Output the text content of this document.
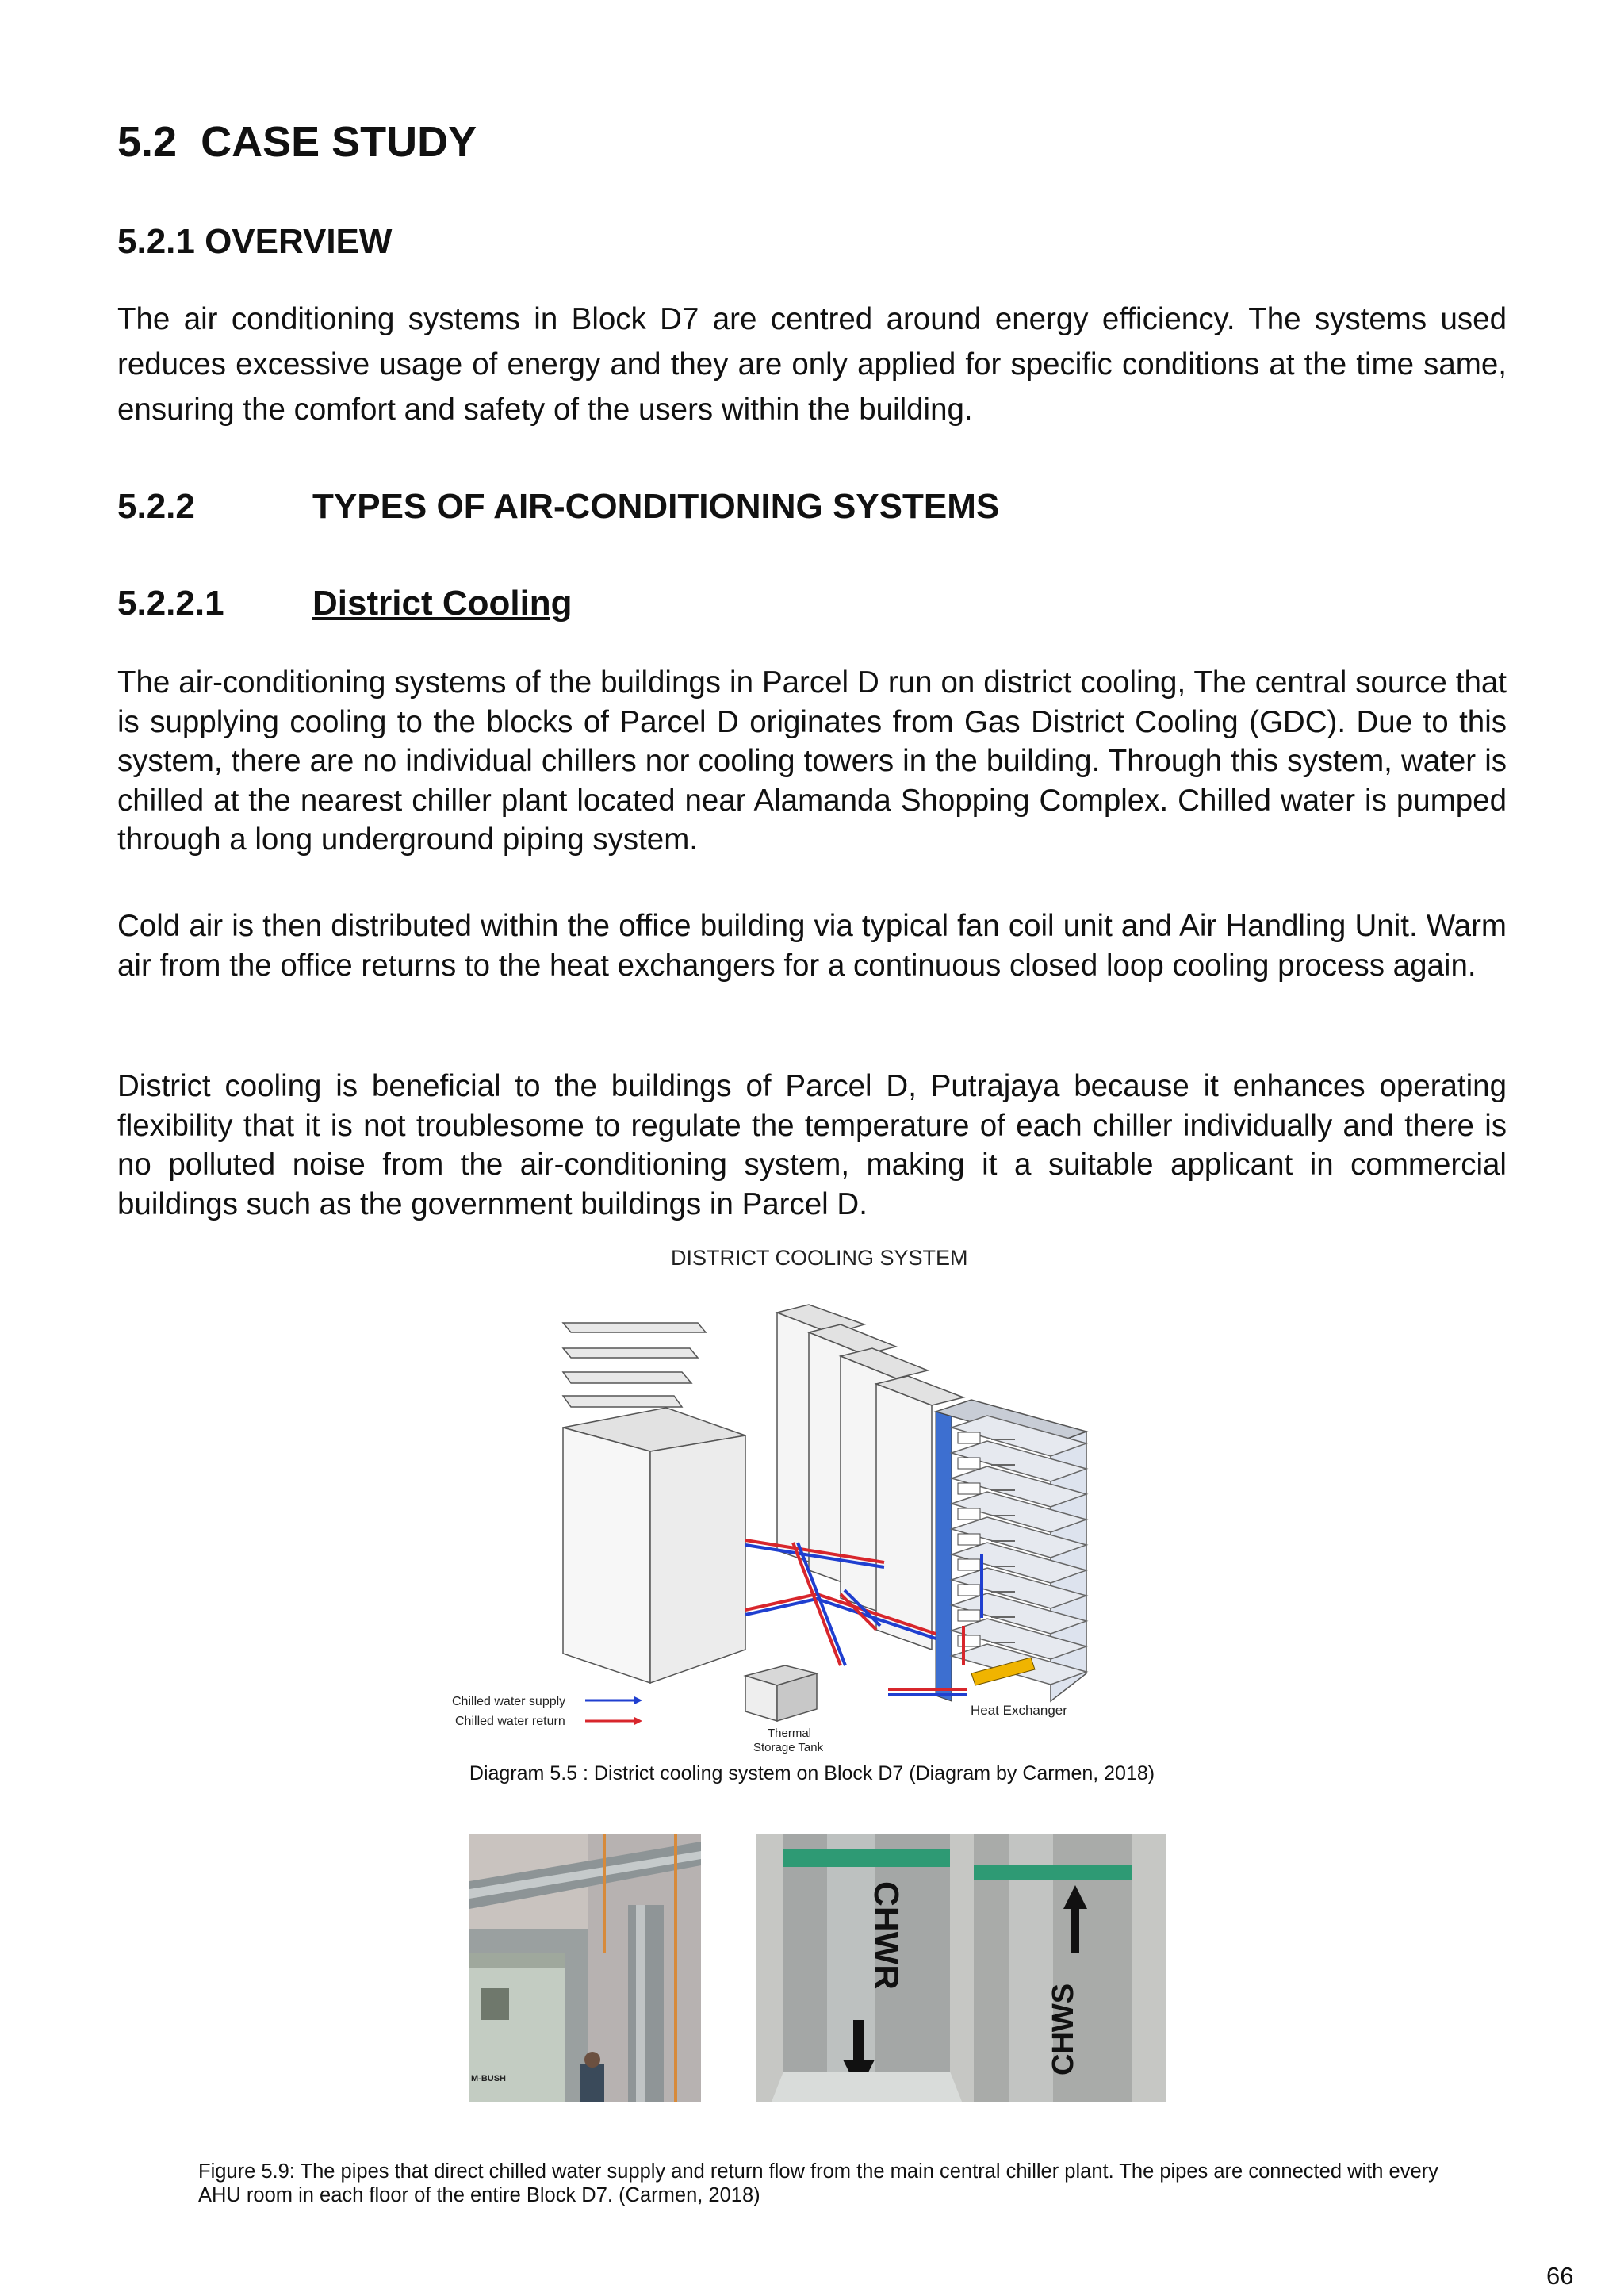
5.2 CASE STUDY
5.2.1 OVERVIEW

The air conditioning systems in Block D7 are centred around energy efficiency. The systems used reduces excessive usage of energy and they are only applied for specific conditions at the time same, ensuring the comfort and safety of the users within the building.

5.2.2	TYPES OF AIR-CONDITIONING SYSTEMS
5.2.2.1	District Cooling

The air-conditioning systems of the buildings in Parcel D run on district cooling, The central source that is supplying cooling to the blocks of Parcel D originates from Gas District Cooling (GDC). Due to this system, there are no individual chillers nor cooling towers in the building. Through this system, water is chilled at the nearest chiller plant located near Alamanda Shopping Complex. Chilled water is pumped through a long underground piping system.

Cold air is then distributed within the office building via typical fan coil unit and Air Handling Unit. Warm air from the office returns to the heat exchangers for a continuous closed loop cooling process again.

District cooling is beneficial to the buildings of Parcel D, Putrajaya because it enhances operating flexibility that it is not troublesome to regulate the temperature of each chiller individually and there is no polluted noise from the air-conditioning system, making it a suitable applicant in commercial buildings such as the government buildings in Parcel D.

DISTRICT COOLING SYSTEM
Chilled water supply
Chilled water return
Thermal
Storage Tank
Heat Exchanger
Diagram 5.5 : District cooling system on Block D7 (Diagram by Carmen, 2018)
M-BUSH
CHWR
CHWS
Figure 5.9: The pipes that direct chilled water supply and return flow from the main central chiller plant. The pipes are connected with every AHU room in each floor of the entire Block D7. (Carmen, 2018)
66
